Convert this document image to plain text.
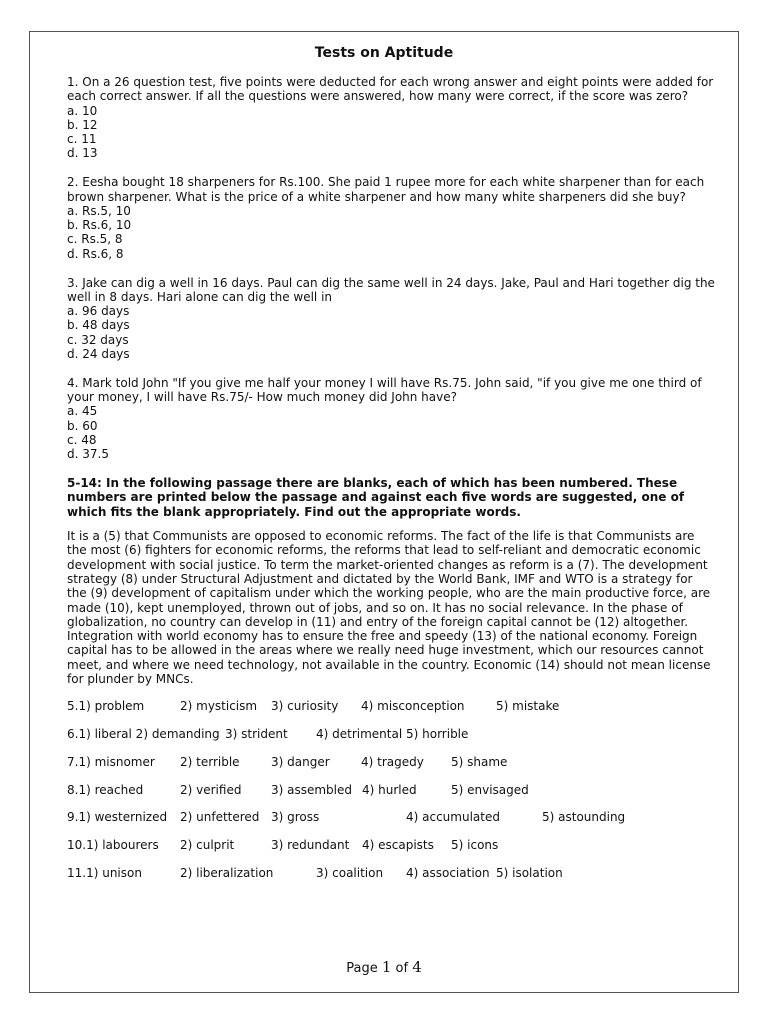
Tests on Aptitude

1. On a 26 question test, five points were deducted for each wrong answer and eight points were added for each correct answer. If all the questions were answered, how many were correct, if the score was zero?

a. 10

b. 12

c. 11

d. 13

2. Eesha bought 18 sharpeners for Rs.100. She paid 1 rupee more for each white sharpener than for each brown sharpener. What is the price of a white sharpener and how many white sharpeners did she buy?

a. Rs.5, 10

b. Rs.6, 10

c. Rs.5, 8

d. Rs.6, 8

3. Jake can dig a well in 16 days. Paul can dig the same well in 24 days. Jake, Paul and Hari together dig the well in 8 days. Hari alone can dig the well in

a. 96 days

b. 48 days

c. 32 days

d. 24 days

4. Mark told John "If you give me half your money I will have Rs.75. John said, "if you give me one third of your money, I will have Rs.75/- How much money did John have?

a. 45

b. 60

c. 48

d. 37.5

5-14: In the following passage there are blanks, each of which has been numbered. These numbers are printed below the passage and against each five words are suggested, one of which fits the blank appropriately. Find out the appropriate words.

It is a (5) that Communists are opposed to economic reforms. The fact of the life is that Communists are the most (6) fighters for economic reforms, the reforms that lead to self-reliant and democratic economic development with social justice. To term the market-oriented changes as reform is a (7). The development strategy (8) under Structural Adjustment and dictated by the World Bank, IMF and WTO is a strategy for the (9) development of capitalism under which the working people, who are the main productive force, are made (10), kept unemployed, thrown out of jobs, and so on. It has no social relevance. In the phase of globalization, no country can develop in (11) and entry of the foreign capital cannot be (12) altogether. Integration with world economy has to ensure the free and speedy (13) of the national economy. Foreign capital has to be allowed in the areas where we really need huge investment, which our resources cannot meet, and where we need technology, not available in the country. Economic (14) should not mean license for plunder by MNCs.

5.1) problem	2) mysticism	3) curiosity	4) misconception	5) mistake
6.1) liberal 2) demanding 3) strident	4) detrimental 5) horrible
7.1) misnomer	2) terrible	3) danger	4) tragedy	5) shame
8.1) reached	2) verified	3) assembled 4) hurled	5) envisaged
9.1) westernized	2) unfettered 3) gross	4) accumulated	5) astounding
10.1) labourers	2) culprit	3) redundant	4) escapists	5) icons
11.1) unison	2) liberalization	3) coalition	4) association 5) isolation
Page 1 of 4
